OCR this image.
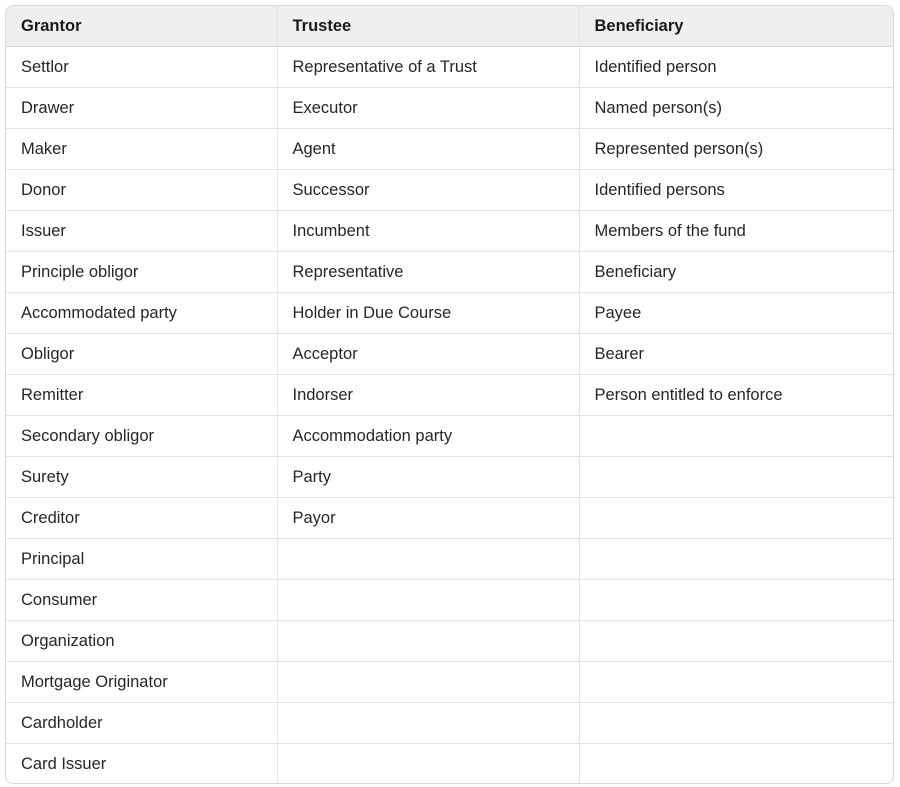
Grantor	Trustee	Beneficiary
Settlor	Representative of a Trust	Identified person
Drawer	Executor	Named person(s)
Maker	Agent	Represented person(s)
Donor	Successor	Identified persons
Issuer	Incumbent	Members of the fund
Principle obligor	Representative	Beneficiary
Accommodated party	Holder in Due Course	Payee
Obligor	Acceptor	Bearer
Remitter	Indorser	Person entitled to enforce
Secondary obligor	Accommodation party	
Surety	Party	
Creditor	Payor	
Principal		
Consumer		
Organization		
Mortgage Originator		
Cardholder		
Card Issuer		
